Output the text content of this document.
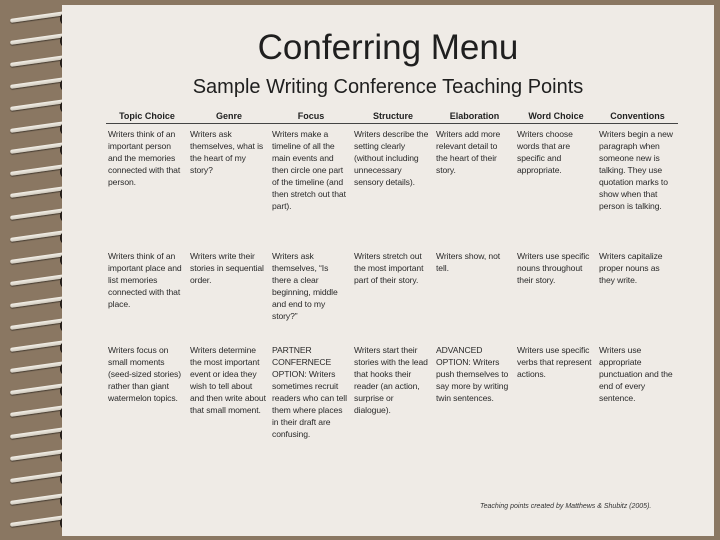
Conferring Menu
Sample Writing Conference Teaching Points
Topic Choice	Genre	Focus	Structure	Elaboration	Word Choice	Conventions
Writers think of an important person and the memories connected with that person.	Writers ask themselves, what is the heart of my story?	Writers make a timeline of all the main events and then circle one part of the timeline (and then stretch out that part).	Writers describe the setting clearly (without including unnecessary sensory details).	Writers add more relevant detail to the heart of their story.	Writers choose words that are specific and appropriate.	Writers begin a new paragraph when someone new is talking. They use quotation marks to show when that person is talking.
Writers think of an important place and list memories connected with that place.	Writers write their stories in sequential order.	Writers ask themselves, “Is there a clear beginning, middle and end to my story?”	Writers stretch out the most important part of their story.	Writers show, not tell.	Writers use specific nouns throughout their story.	Writers capitalize proper nouns as they write.
Writers focus on small moments (seed-sized stories) rather than giant watermelon topics.	Writers determine the most important event or idea they wish to tell about and then write about that small moment.	PARTNER CONFERNECE OPTION: Writers sometimes recruit readers who can tell them where places in their draft are confusing.	Writers start their stories with the lead that hooks their reader (an action, surprise or dialogue).	ADVANCED OPTION: Writers push themselves to say more by writing twin sentences.	Writers use specific verbs that represent actions.	Writers use appropriate punctuation and the end of every sentence.
Teaching points created by Matthews & Shubitz (2005).
